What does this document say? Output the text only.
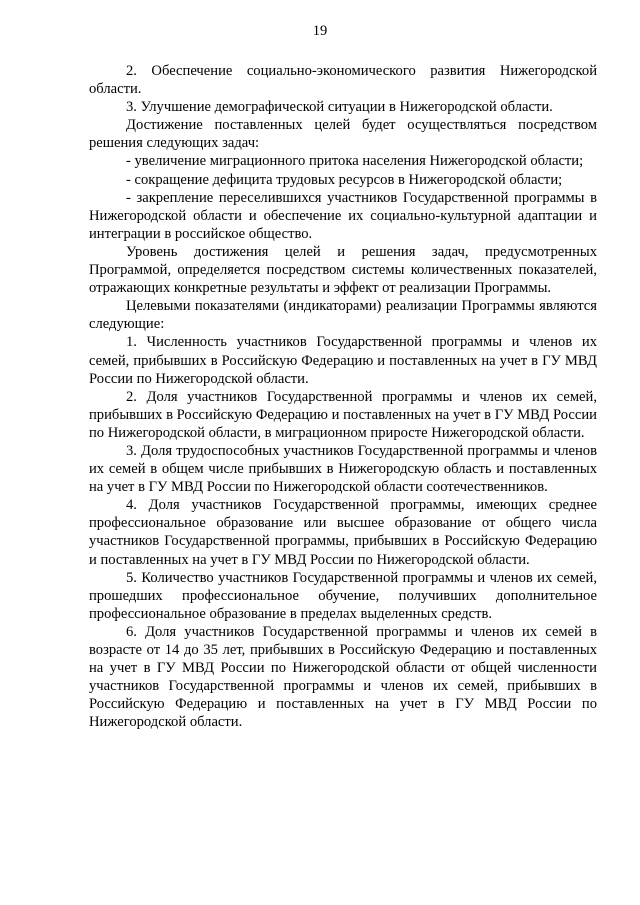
19

2. Обеспечение социально-экономического развития Нижегородской области.

3. Улучшение демографической ситуации в Нижегородской области.

Достижение поставленных целей будет осуществляться посредством решения следующих задач:

- увеличение миграционного притока населения Нижегородской области;

- сокращение дефицита трудовых ресурсов в Нижегородской области;

- закрепление переселившихся участников Государственной программы в Нижегородской области и обеспечение их социально-культурной адаптации и интеграции в российское общество.

Уровень достижения целей и решения задач, предусмотренных Программой, определяется посредством системы количественных показателей, отражающих конкретные результаты и эффект от реализации Программы.

Целевыми показателями (индикаторами) реализации Программы являются следующие:

1. Численность участников Государственной программы и членов их семей, прибывших в Российскую Федерацию и поставленных на учет в ГУ МВД России по Нижегородской области.

2. Доля участников Государственной программы и членов их семей, прибывших в Российскую Федерацию и поставленных на учет в ГУ МВД России по Нижегородской области, в миграционном приросте Нижегородской области.

3. Доля трудоспособных участников Государственной программы и членов их семей в общем числе прибывших в Нижегородскую область и поставленных на учет в ГУ МВД России по Нижегородской области соотечественников.

4. Доля участников Государственной программы, имеющих среднее профессиональное образование или высшее образование от общего числа участников Государственной программы, прибывших в Российскую Федерацию и поставленных на учет в ГУ МВД России по Нижегородской области.

5. Количество участников Государственной программы и членов их семей, прошедших профессиональное обучение, получивших дополнительное профессиональное образование в пределах выделенных средств.

6. Доля участников Государственной программы и членов их семей в возрасте от 14 до 35 лет, прибывших в Российскую Федерацию и поставленных на учет в ГУ МВД России по Нижегородской области от общей численности участников Государственной программы и членов их семей, прибывших в Российскую Федерацию и поставленных на учет в ГУ МВД России по Нижегородской области.
